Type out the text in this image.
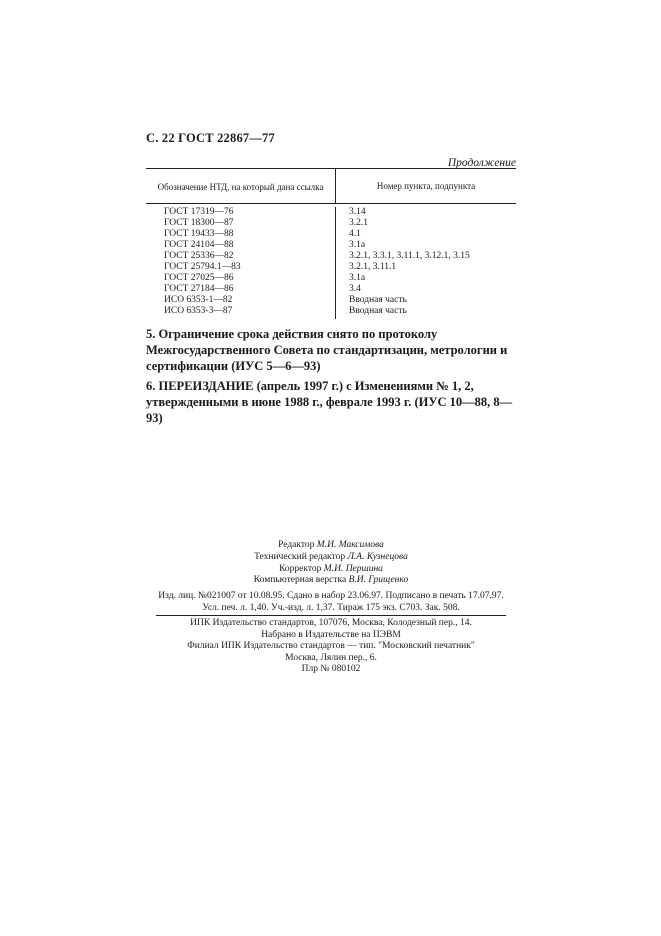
С. 22 ГОСТ 22867—77
Продолжение
Обозначение НТД, на который дана ссылка	Номер пункта, подпункта
ГОСТ 17319—76
ГОСТ 18300—87
ГОСТ 19433—88
ГОСТ 24104—88
ГОСТ 25336—82
ГОСТ 25794.1—83
ГОСТ 27025—86
ГОСТ 27184—86
ИСО 6353-1—82
ИСО 6353-3—87
3.14
3.2.1
4.1
3.1а
3.2.1, 3.3.1, 3.11.1, 3.12.1, 3.15
3.2.1, 3.11.1
3.1а
3.4
Вводная часть
Вводная часть
5. Ограничение срока действия снято по протоколу Межгосударственного Совета по стандартизации, метрологии и сертификации (ИУС 5—6—93)
6. ПЕРЕИЗДАНИЕ (апрель 1997 г.) с Изменениями № 1, 2, утвержденными в июне 1988 г., феврале 1993 г. (ИУС 10—88, 8—93)
Редактор М.И. Максимова
Технический редактор Л.А. Кузнецова
Корректор М.И. Першина
Компьютерная верстка В.И. Грищенко
Изд. лиц. №021007 от 10.08.95. Сдано в набор 23.06.97. Подписано в печать 17.07.97.
Усл. печ. л. 1,40. Уч.-изд. л. 1,37. Тираж 175 экз. С703. Зак. 508.
ИПК Издательство стандартов, 107076, Москва, Колодезный пер., 14.
Набрано в Издательстве на ПЭВМ
Филиал ИПК Издательство стандартов — тип. "Московский печатник"
Москва, Лялин пер., 6.
Плр № 080102
